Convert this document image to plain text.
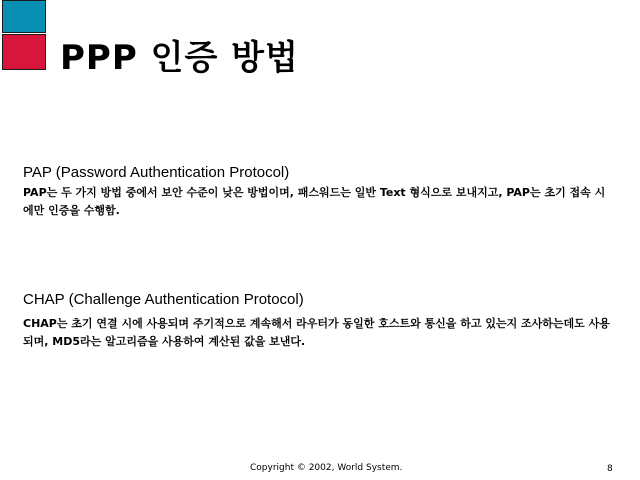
PPP 인증 방법
PAP (Password Authentication Protocol)
PAP는 두 가지 방법 중에서 보안 수준이 낮은 방법이며, 패스워드는 일반 Text 형식으로 보내지고, PAP는 초기 접속 시에만 인증을 수행함.
CHAP (Challenge Authentication Protocol)
CHAP는 초기 연결 시에 사용되며 주기적으로 계속해서 라우터가 동일한 호스트와 통신을 하고 있는지 조사하는데도 사용되며, MD5라는 알고리즘을 사용하여 계산된 값을 보낸다.
Copyright © 2002, World System.	8
